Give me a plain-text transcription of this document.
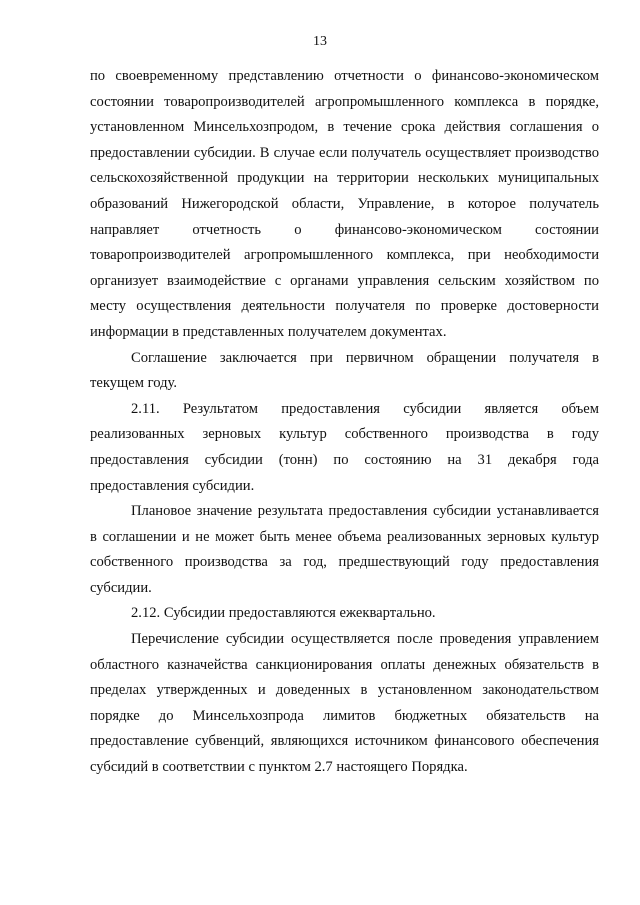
13

по своевременному представлению отчетности о финансово-экономическом состоянии товаропроизводителей агропромышленного комплекса в порядке, установленном Минсельхозпродом, в течение срока действия соглашения о предоставлении субсидии. В случае если получатель осуществляет производство сельскохозяйственной продукции на территории нескольких муниципальных образований Нижегородской области, Управление, в которое получатель направляет отчетность о финансово-экономическом состоянии товаропроизводителей агропромышленного комплекса, при необходимости организует взаимодействие с органами управления сельским хозяйством по месту осуществления деятельности получателя по проверке достоверности информации в представленных получателем документах.

Соглашение заключается при первичном обращении получателя в текущем году.

2.11. Результатом предоставления субсидии является объем реализованных зерновых культур собственного производства в году предоставления субсидии (тонн) по состоянию на 31 декабря года предоставления субсидии.

Плановое значение результата предоставления субсидии устанавливается в соглашении и не может быть менее объема реализованных зерновых культур собственного производства за год, предшествующий году предоставления субсидии.

2.12. Субсидии предоставляются ежеквартально.

Перечисление субсидии осуществляется после проведения управлением областного казначейства санкционирования оплаты денежных обязательств в пределах утвержденных и доведенных в установленном законодательством порядке до Минсельхозпрода лимитов бюджетных обязательств на предоставление субвенций, являющихся источником финансового обеспечения субсидий в соответствии с пунктом 2.7 настоящего Порядка.
